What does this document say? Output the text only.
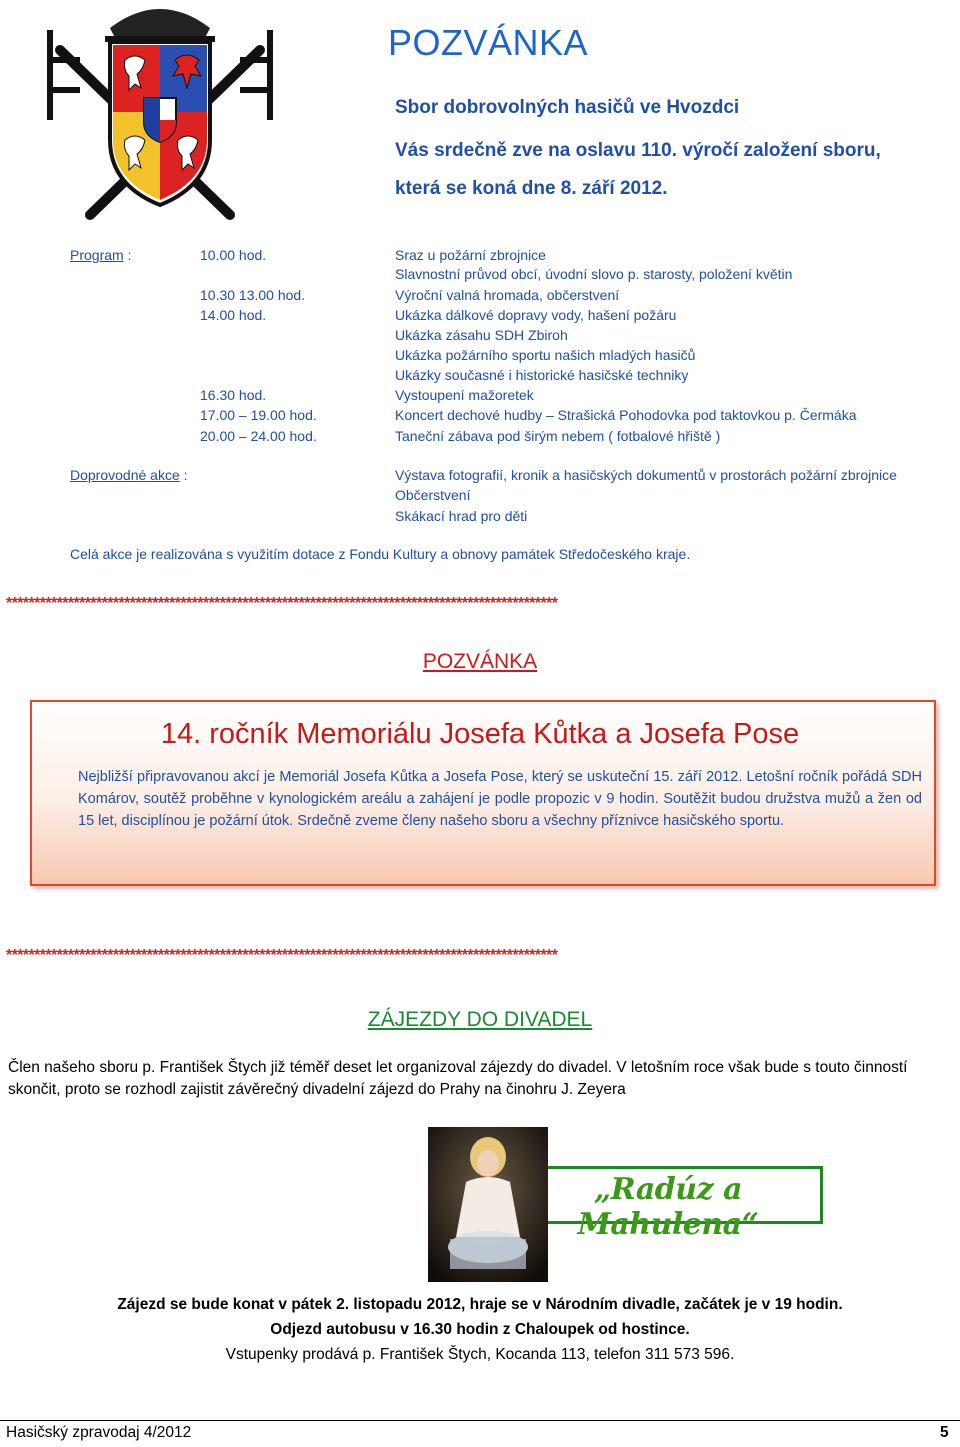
POZVÁNKA
Sbor dobrovolných hasičů ve Hvozdci
Vás srdečně zve na oslavu 110. výročí založení sboru,
která se koná dne 8. září 2012.
Program :	10.00 hod.	Sraz u požární zbrojnice
Slavnostní průvod obcí, úvodní slovo p. starosty, položení květin
10.30 13.00 hod.	Výroční valná hromada, občerstvení
14.00 hod.	Ukázka dálkové dopravy vody, hašení požáru
Ukázka zásahu SDH Zbiroh
Ukázka požárního sportu našich mladých hasičů
Ukázky současné i historické hasičské techniky
16.30 hod.	Vystoupení mažoretek
17.00 – 19.00 hod.	Koncert dechové hudby – Strašická Pohodovka pod taktovkou p. Čermáka
20.00 – 24.00 hod.	Taneční zábava pod širým nebem ( fotbalové hřiště )
Doprovodné akce :	Výstava fotografií, kronik a hasičských dokumentů v prostorách požární zbrojnice
Občerstvení
Skákací hrad pro děti
Celá akce je realizována s využitím dotace z Fondu Kultury a obnovy památek Středočeského kraje.
**************************************************************************************************
POZVÁNKA
14. ročník Memoriálu Josefa Kůtka a Josefa Pose
Nejbližší připravovanou akcí je Memoriál Josefa Kůtka a Josefa Pose, který se uskuteční 15. září 2012. Letošní ročník pořádá SDH Komárov, soutěž proběhne v kynologickém areálu a zahájení je podle propozic v 9 hodin. Soutěžit budou družstva mužů a žen od 15 let, disciplínou je požární útok. Srdečně zveme členy našeho sboru a všechny příznivce hasičského sportu.
**************************************************************************************************
ZÁJEZDY DO DIVADEL
Člen našeho sboru p. František Štych již téměř deset let organizoval zájezdy do divadel. V letošním roce však bude s touto činností skončit, proto se rozhodl zajistit závěrečný divadelní zájezd do Prahy na činohru J. Zeyera
„Radúz a Mahulena“
Zájezd se bude konat v pátek 2. listopadu 2012, hraje se v Národním divadle, začátek je v 19 hodin.
Odjezd autobusu v 16.30 hodin z Chaloupek od hostince.
Vstupenky prodává p. František Štych, Kocanda 113, telefon 311 573 596.
Hasičský zpravodaj 4/2012	5
